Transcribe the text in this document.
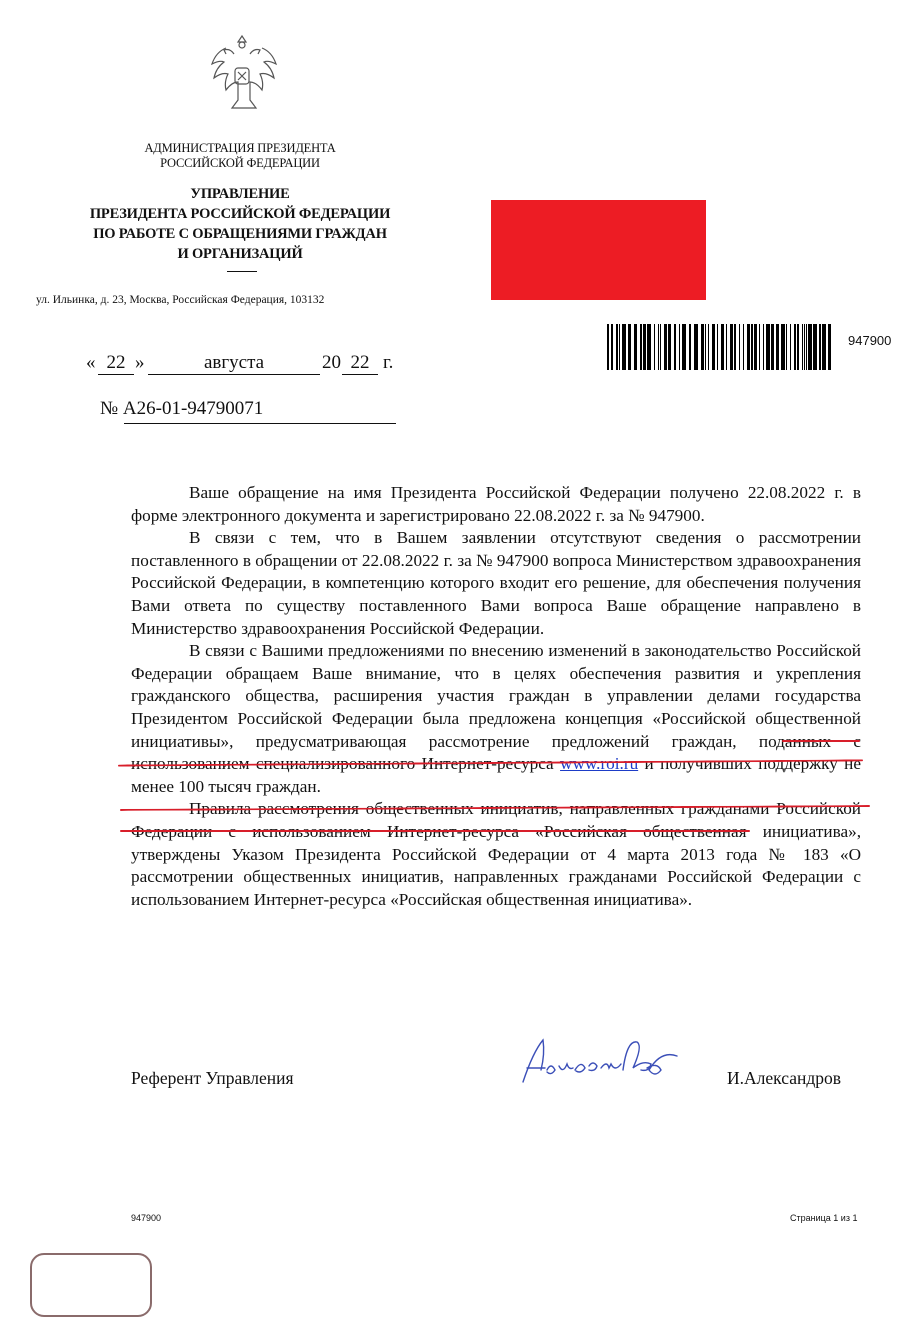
АДМИНИСТРАЦИЯ ПРЕЗИДЕНТА
РОССИЙСКОЙ ФЕДЕРАЦИИ
УПРАВЛЕНИЕ
ПРЕЗИДЕНТА РОССИЙСКОЙ ФЕДЕРАЦИИ
ПО РАБОТЕ С ОБРАЩЕНИЯМИ ГРАЖДАН
И ОРГАНИЗАЦИЙ
ул. Ильинка, д. 23, Москва, Российская Федерация, 103132
947900
« 22 »	августа	20 22 г.
№ А26-01-94790071

Ваше обращение на имя Президента Российской Федерации получено 22.08.2022 г. в форме электронного документа и зарегистрировано 22.08.2022 г. за № 947900.

В связи с тем, что в Вашем заявлении отсутствуют сведения о рассмотрении поставленного в обращении от 22.08.2022 г. за № 947900 вопроса Министерством здравоохранения Российской Федерации, в компетенцию которого входит его решение, для обеспечения получения Вами ответа по существу поставленного Вами вопроса Ваше обращение направлено в Министерство здравоохранения Российской Федерации.

В связи с Вашими предложениями по внесению изменений в законодательство Российской Федерации обращаем Ваше внимание, что в целях обеспечения развития и укрепления гражданского общества, расширения участия граждан в управлении делами государства Президентом Российской Федерации была предложена концепция «Российской общественной инициативы», предусматривающая рассмотрение предложений граждан, поданных с использованием специализированного Интернет-ресурса www.roi.ru и получивших поддержку не менее 100 тысяч граждан.

Правила рассмотрения общественных инициатив, направленных гражданами Российской Федерации с использованием Интернет-ресурса «Российская общественная инициатива», утверждены Указом Президента Российской Федерации от 4 марта 2013 года № 183 «О рассмотрении общественных инициатив, направленных гражданами Российской Федерации с использованием Интернет-ресурса «Российская общественная инициатива».

Референт Управления	И.Александров
947900	Страница 1 из 1
